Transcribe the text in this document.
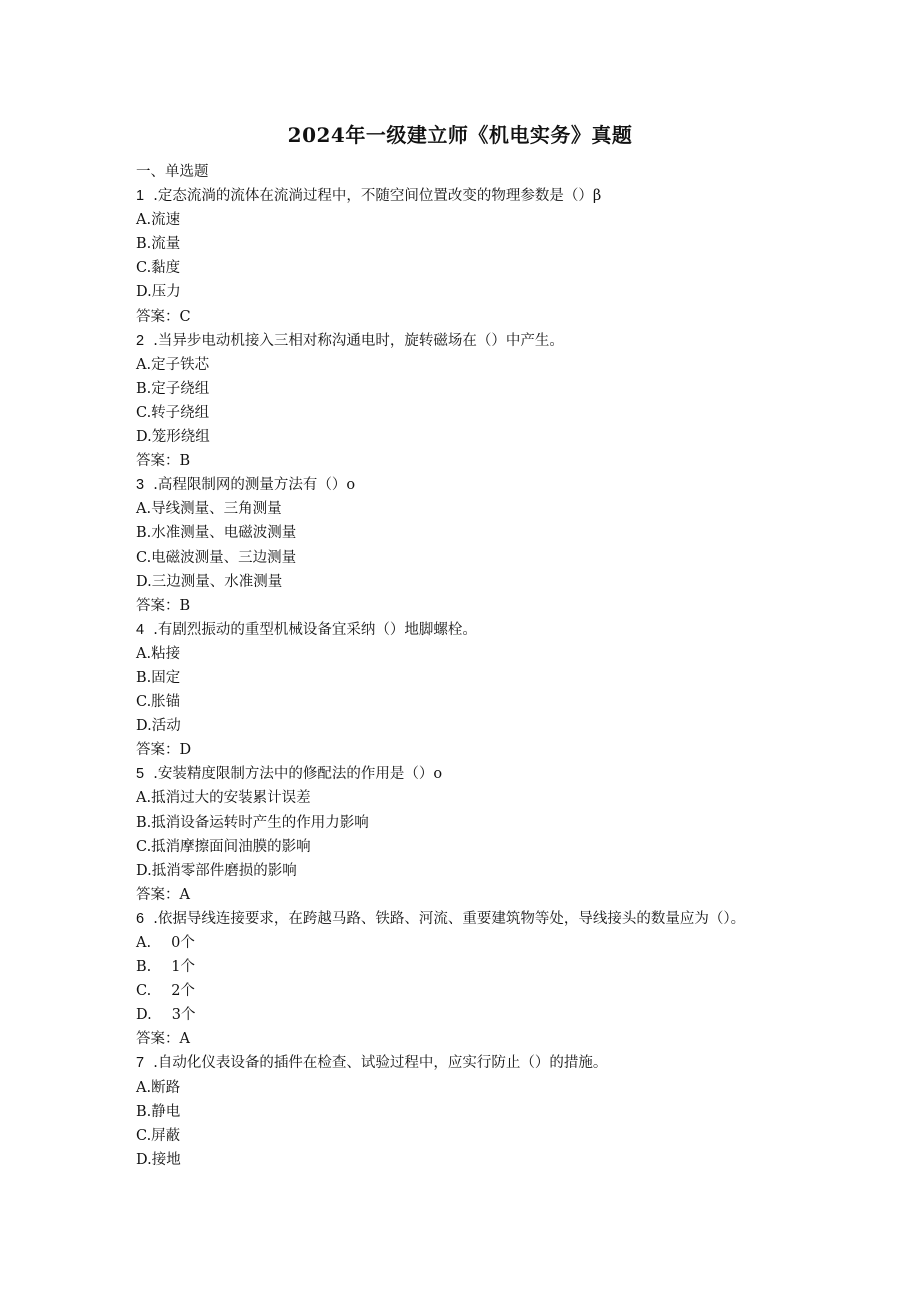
2024年一级建立师《机电实务》真题
一、单选题
1 .定态流淌的流体在流淌过程中，不随空间位置改变的物理参数是（）β
A.流速
B.流量
C.黏度
D.压力
答案：C
2 .当异步电动机接入三相对称沟通电时，旋转磁场在（）中产生。
A.定子铁芯
B.定子绕组
C.转子绕组
D.笼形绕组
答案：B
3 .高程限制网的测量方法有（）o
A.导线测量、三角测量
B.水准测量、电磁波测量
C.电磁波测量、三边测量
D.三边测量、水准测量
答案：B
4 .有剧烈振动的重型机械设备宜采纳（）地脚螺栓。
A.粘接
B.固定
C.胀锚
D.活动
答案：D
5 .安装精度限制方法中的修配法的作用是（）o
A.抵消过大的安装累计误差
B.抵消设备运转时产生的作用力影响
C.抵消摩擦面间油膜的影响
D.抵消零部件磨损的影响
答案：A
6 .依据导线连接要求，在跨越马路、铁路、河流、重要建筑物等处，导线接头的数量应为（）。
A. 0个
B. 1个
C. 2个
D. 3个
答案：A
7 .自动化仪表设备的插件在检查、试验过程中，应实行防止（）的措施。
A.断路
B.静电
C.屏蔽
D.接地
